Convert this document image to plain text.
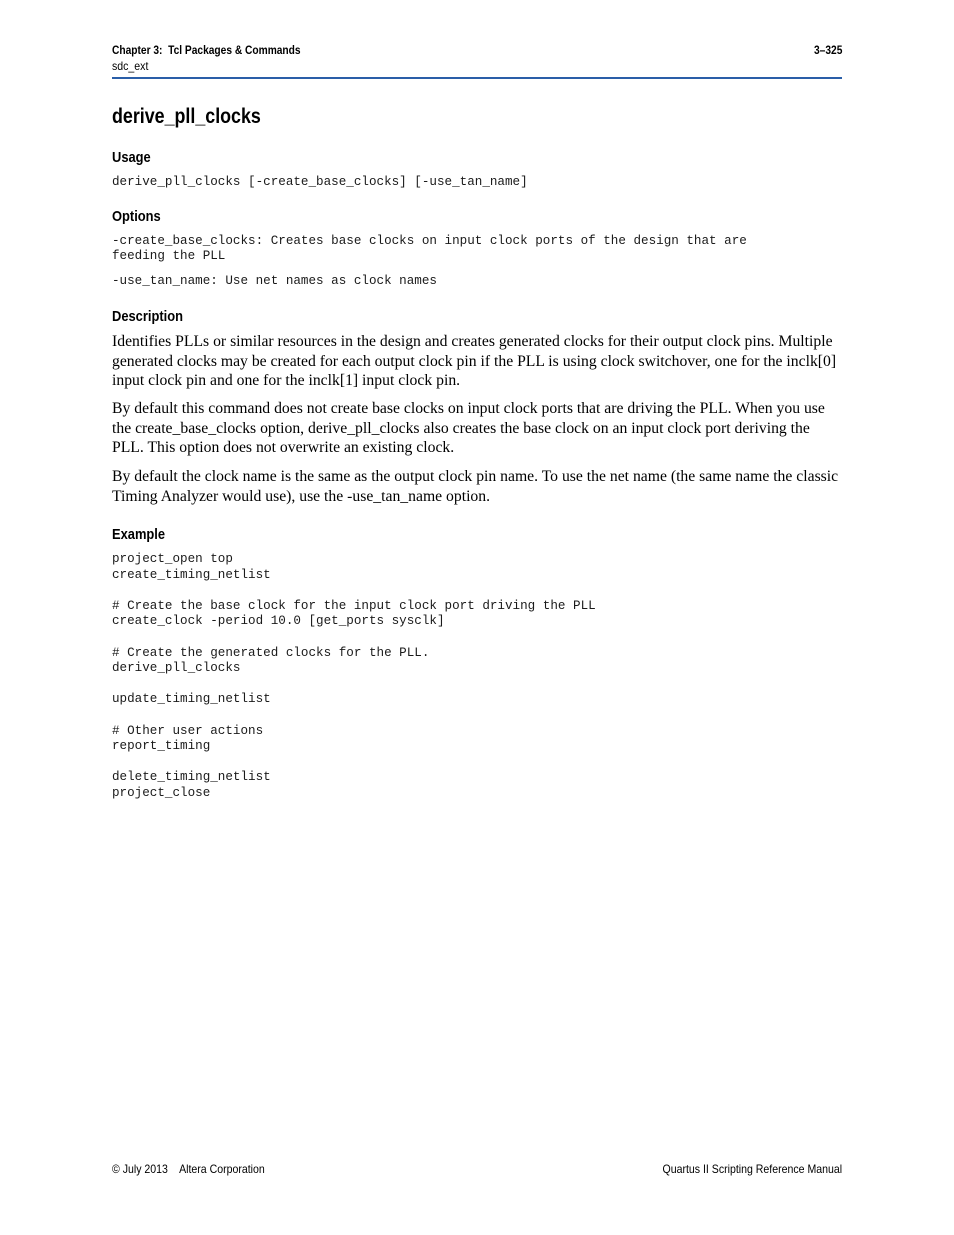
Chapter 3:  Tcl Packages & Commands
sdc_ext
3–325
derive_pll_clocks
Usage
derive_pll_clocks [-create_base_clocks] [-use_tan_name]
Options
-create_base_clocks: Creates base clocks on input clock ports of the design that are
feeding the PLL
-use_tan_name: Use net names as clock names
Description

Identifies PLLs or similar resources in the design and creates generated clocks for their output clock pins. Multiple generated clocks may be created for each output clock pin if the PLL is using clock switchover, one for the inclk[0] input clock pin and one for the inclk[1] input clock pin.

By default this command does not create base clocks on input clock ports that are driving the PLL. When you use the create_base_clocks option, derive_pll_clocks also creates the base clock on an input clock port deriving the PLL. This option does not overwrite an existing clock.

By default the clock name is the same as the output clock pin name. To use the net name (the same name the classic Timing Analyzer would use), use the -use_tan_name option.

Example
project_open top
create_timing_netlist

# Create the base clock for the input clock port driving the PLL
create_clock -period 10.0 [get_ports sysclk]

# Create the generated clocks for the PLL.
derive_pll_clocks

update_timing_netlist

# Other user actions
report_timing

delete_timing_netlist
project_close
© July 2013    Altera Corporation	Quartus II Scripting Reference Manual
